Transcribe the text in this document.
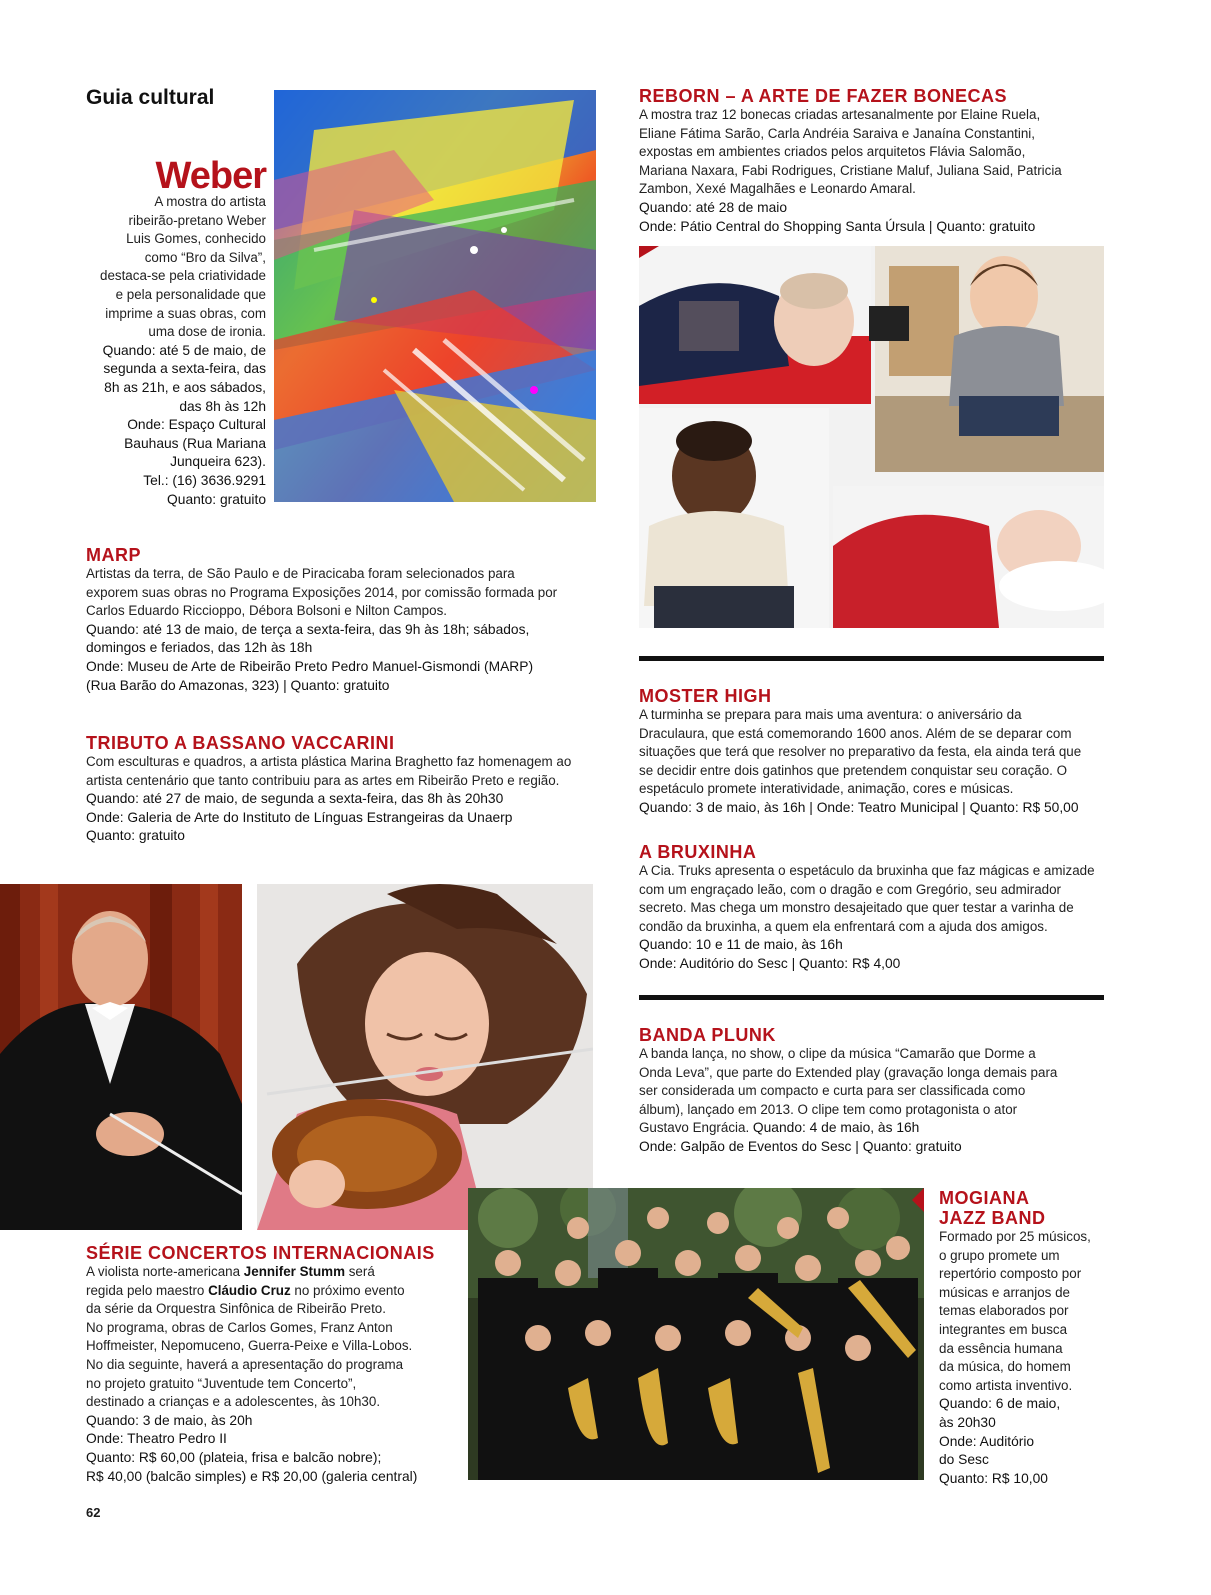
Guia cultural
Weber

A mostra do artista

ribeirão-pretano Weber

Luis Gomes, conhecido

como “Bro da Silva”,

destaca-se pela criatividade

e pela personalidade que

imprime a suas obras, com

uma dose de ironia.

Quando: até 5 de maio, de

segunda a sexta-feira, das

8h as 21h, e aos sábados,

das 8h às 12h

Onde: Espaço Cultural

Bauhaus (Rua Mariana

Junqueira 623).

Tel.: (16) 3636.9291

Quanto: gratuito

MARP

Artistas da terra, de São Paulo e de Piracicaba foram selecionados para

exporem suas obras no Programa Exposições 2014, por comissão formada por

Carlos Eduardo Riccioppo, Débora Bolsoni e Nilton Campos.

Quando: até 13 de maio, de terça a sexta-feira, das 9h às 18h; sábados,

domingos e feriados, das 12h às 18h

Onde: Museu de Arte de Ribeirão Preto Pedro Manuel-Gismondi (MARP)

(Rua Barão do Amazonas, 323) | Quanto: gratuito

TRIBUTO A BASSANO VACCARINI

Com esculturas e quadros, a artista plástica Marina Braghetto faz homenagem ao

artista centenário que tanto contribuiu para as artes em Ribeirão Preto e região.

Quando: até 27 de maio, de segunda a sexta-feira, das 8h às 20h30

Onde: Galeria de Arte do Instituto de Línguas Estrangeiras da Unaerp

Quanto: gratuito

SÉRIE CONCERTOS INTERNACIONAIS

A violista norte-americana Jennifer Stumm será

regida pelo maestro Cláudio Cruz no próximo evento

da série da Orquestra Sinfônica de Ribeirão Preto.

No programa, obras de Carlos Gomes, Franz Anton

Hoffmeister, Nepomuceno, Guerra-Peixe e Villa-Lobos.

No dia seguinte, haverá a apresentação do programa

no projeto gratuito “Juventude tem Concerto”,

destinado a crianças e a adolescentes, às 10h30.

Quando: 3 de maio, às 20h

Onde: Theatro Pedro II

Quanto: R$ 60,00 (plateia, frisa e balcão nobre);

R$ 40,00 (balcão simples) e R$ 20,00 (galeria central)

62

REBORN – A ARTE DE FAZER BONECAS

A mostra traz 12 bonecas criadas artesanalmente por Elaine Ruela,

Eliane Fátima Sarão, Carla Andréia Saraiva e Janaína Constantini,

expostas em ambientes criados pelos arquitetos Flávia Salomão,

Mariana Naxara, Fabi Rodrigues, Cristiane Maluf, Juliana Said, Patricia

Zambon, Xexé Magalhães e Leonardo Amaral.

Quando: até 28 de maio

Onde: Pátio Central do Shopping Santa Úrsula | Quanto: gratuito

MOSTER HIGH

A turminha se prepara para mais uma aventura: o aniversário da

Draculaura, que está comemorando 1600 anos. Além de se deparar com

situações que terá que resolver no preparativo da festa, ela ainda terá que

se decidir entre dois gatinhos que pretendem conquistar seu coração. O

espetáculo promete interatividade, animação, cores e músicas.

Quando: 3 de maio, às 16h | Onde: Teatro Municipal | Quanto: R$ 50,00

A BRUXINHA

A Cia. Truks apresenta o espetáculo da bruxinha que faz mágicas e amizade

com um engraçado leão, com o dragão e com Gregório, seu admirador

secreto. Mas chega um monstro desajeitado que quer testar a varinha de

condão da bruxinha, a quem ela enfrentará com a ajuda dos amigos.

Quando: 10 e 11 de maio, às 16h

Onde: Auditório do Sesc | Quanto: R$ 4,00

BANDA PLUNK

A banda lança, no show, o clipe da música “Camarão que Dorme a

Onda Leva”, que parte do Extended play (gravação longa demais para

ser considerada um compacto e curta para ser classificada como

álbum), lançado em 2013. O clipe tem como protagonista o ator

Gustavo Engrácia. Quando: 4 de maio, às 16h

Onde: Galpão de Eventos do Sesc | Quanto: gratuito

MOGIANA

JAZZ BAND

Formado por 25 músicos,

o grupo promete um

repertório composto por

músicas e arranjos de

temas elaborados por

integrantes em busca

da essência humana

da música, do homem

como artista inventivo.

Quando: 6 de maio,

às 20h30

Onde: Auditório

do Sesc

Quanto: R$ 10,00
